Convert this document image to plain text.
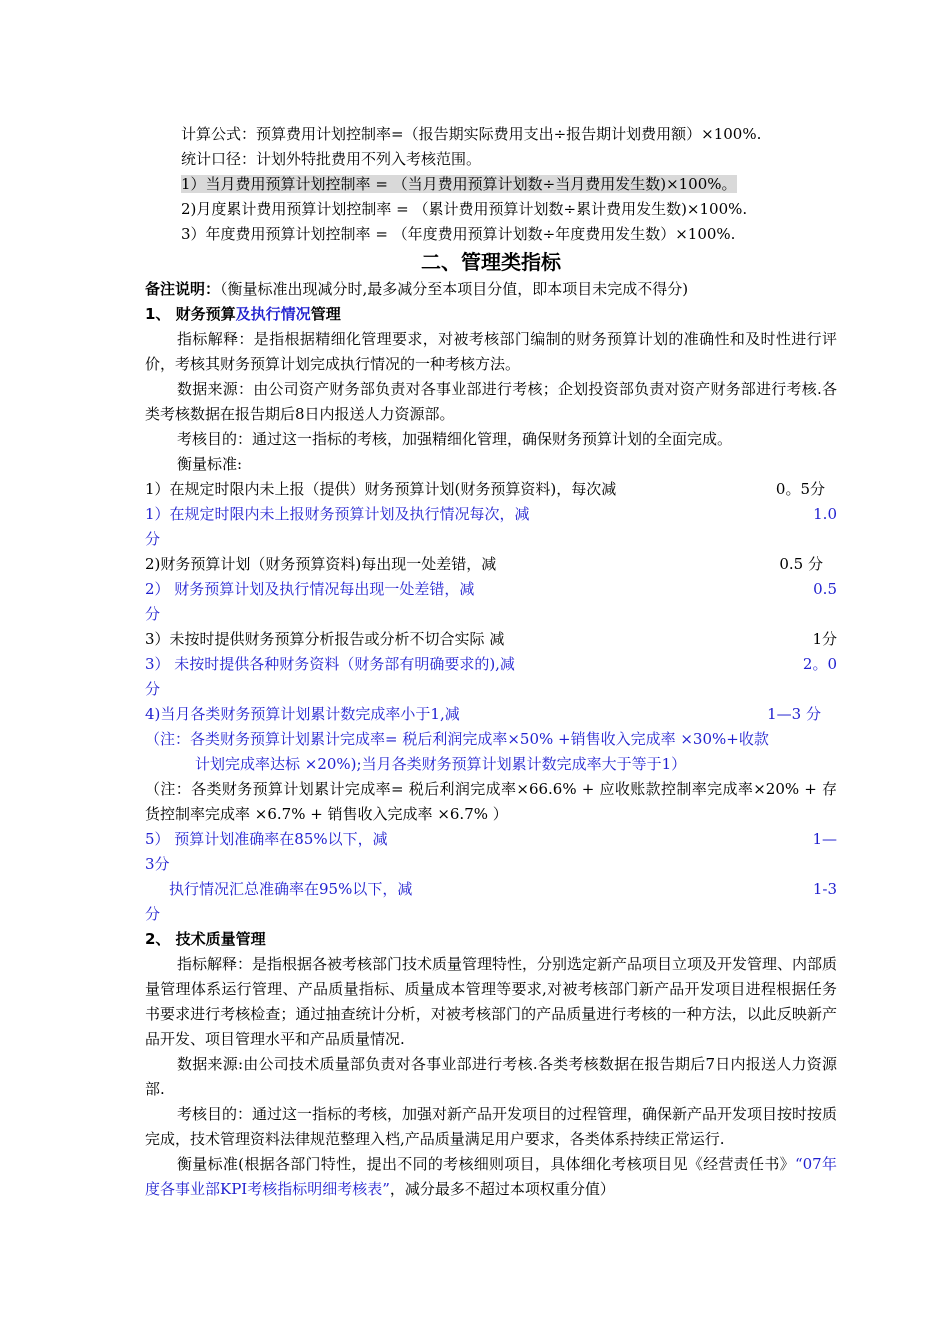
计算公式：预算费用计划控制率=（报告期实际费用支出÷报告期计划费用额）×100%.
统计口径：计划外特批费用不列入考核范围。
1）当月费用预算计划控制率 = （当月费用预算计划数÷当月费用发生数)×100%。
2)月度累计费用预算计划控制率 = （累计费用预算计划数÷累计费用发生数)×100%.
3）年度费用预算计划控制率 = （年度费用预算计划数÷年度费用发生数）×100%.
二、管理类指标
备注说明：（衡量标准出现减分时,最多减分至本项目分值，即本项目未完成不得分)
1、 财务预算及执行情况管理
指标解释：是指根据精细化管理要求，对被考核部门编制的财务预算计划的准确性和及时性进行评价，考核其财务预算计划完成执行情况的一种考核方法。
数据来源：由公司资产财务部负责对各事业部进行考核；企划投资部负责对资产财务部进行考核.各类考核数据在报告期后8日内报送人力资源部。
考核目的：通过这一指标的考核，加强精细化管理，确保财务预算计划的全面完成。
衡量标准:
1）在规定时限内未上报（提供）财务预算计划(财务预算资料)，每次减	0。5分
1）在规定时限内未上报财务预算计划及执行情况每次，减	1.0
分
2)财务预算计划（财务预算资料)每出现一处差错，减	0.5 分
2） 财务预算计划及执行情况每出现一处差错，减	0.5
分
3）未按时提供财务预算分析报告或分析不切合实际 减	1分
3） 未按时提供各种财务资料（财务部有明确要求的),减	2。0
分
4)当月各类财务预算计划累计数完成率小于1,减	1—3 分
（注：各类财务预算计划累计完成率= 税后利润完成率×50% +销售收入完成率 ×30%+收款
计划完成率达标 ×20%);当月各类财务预算计划累计数完成率大于等于1）
（注：各类财务预算计划累计完成率= 税后利润完成率×66.6% + 应收账款控制率完成率×20% + 存货控制率完成率 ×6.7% + 销售收入完成率 ×6.7% ）
5） 预算计划准确率在85%以下，减	1—
3分
执行情况汇总准确率在95%以下，减	1-3
分
2、 技术质量管理
指标解释：是指根据各被考核部门技术质量管理特性，分别选定新产品项目立项及开发管理、内部质量管理体系运行管理、产品质量指标、质量成本管理等要求,对被考核部门新产品开发项目进程根据任务书要求进行考核检查；通过抽查统计分析，对被考核部门的产品质量进行考核的一种方法，以此反映新产品开发、项目管理水平和产品质量情况.
数据来源:由公司技术质量部负责对各事业部进行考核.各类考核数据在报告期后7日内报送人力资源部.
考核目的：通过这一指标的考核，加强对新产品开发项目的过程管理，确保新产品开发项目按时按质完成，技术管理资料法律规范整理入档,产品质量满足用户要求，各类体系持续正常运行.
衡量标准(根据各部门特性，提出不同的考核细则项目，具体细化考核项目见《经营责任书》“07年度各事业部KPI考核指标明细考核表”，减分最多不超过本项权重分值）
